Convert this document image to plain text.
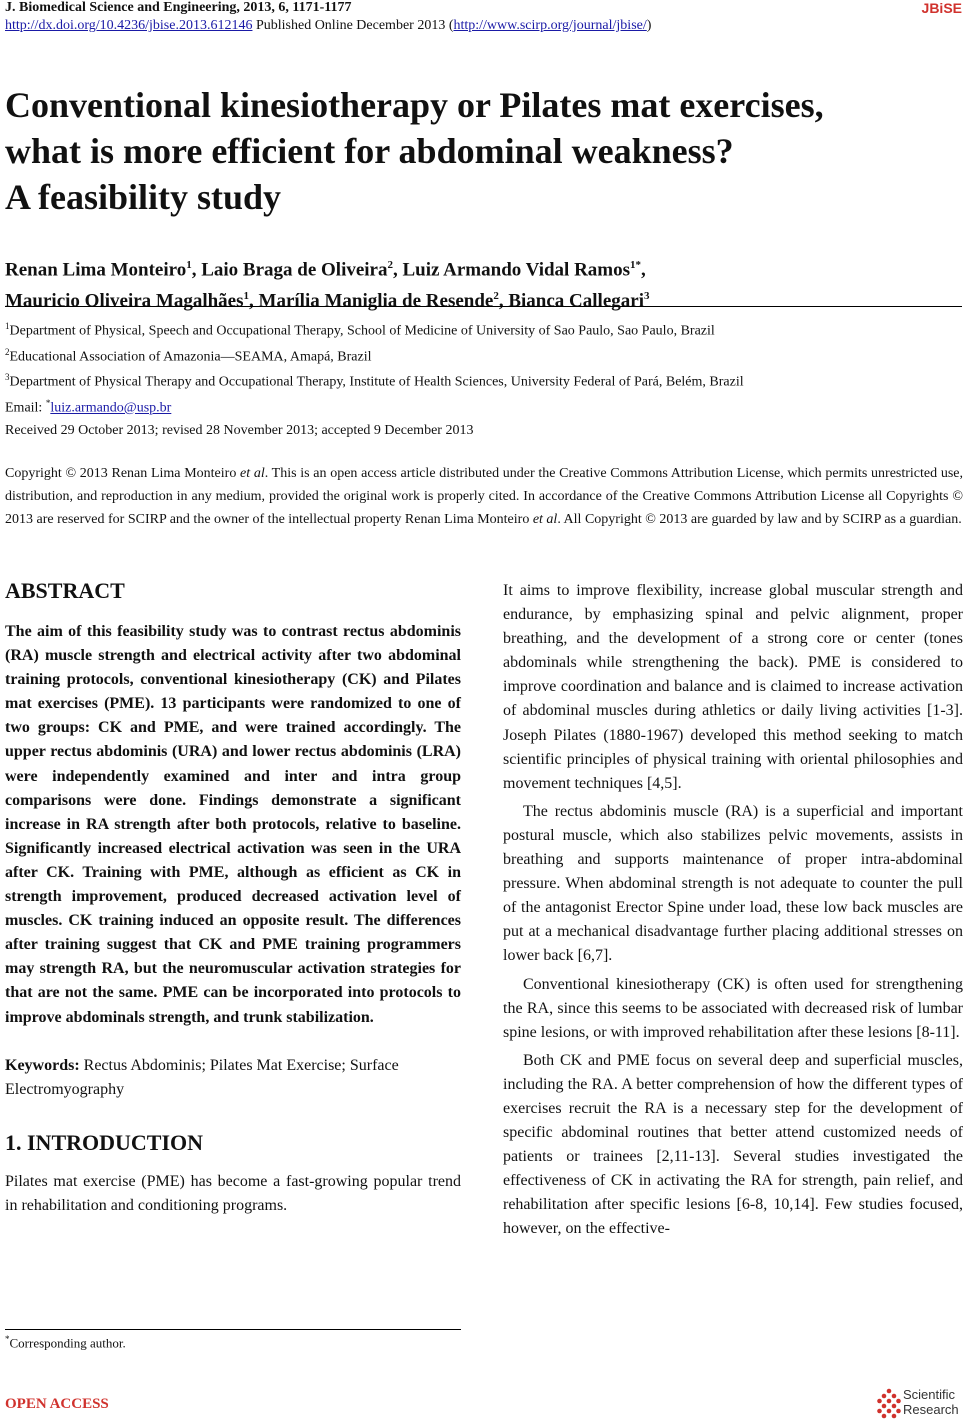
J. Biomedical Science and Engineering, 2013, 6, 1171-1177	JBiSE
http://dx.doi.org/10.4236/jbise.2013.612146 Published Online December 2013 (http://www.scirp.org/journal/jbise/)
Conventional kinesiotherapy or Pilates mat exercises,
what is more efficient for abdominal weakness?
A feasibility study

Renan Lima Monteiro$^1$, Laio Braga de Oliveira$^2$, Luiz Armando Vidal Ramos$^{1*}$,
Mauricio Oliveira Magalhães$^1$, Marília Maniglia de Resende$^2$, Bianca Callegari$^3$

$^1$Department of Physical, Speech and Occupational Therapy, School of Medicine of University of Sao Paulo, Sao Paulo, Brazil
$^2$Educational Association of Amazonia—SEAMA, Amapá, Brazil
$^3$Department of Physical Therapy and Occupational Therapy, Institute of Health Sciences, University Federal of Pará, Belém, Brazil
Email: *luiz.armando@usp.br

Received 29 October 2013; revised 28 November 2013; accepted 9 December 2013

Copyright © 2013 Renan Lima Monteiro et al. This is an open access article distributed under the Creative Commons Attribution License, which permits unrestricted use, distribution, and reproduction in any medium, provided the original work is properly cited. In accordance of the Creative Commons Attribution License all Copyrights © 2013 are reserved for SCIRP and the owner of the intellectual property Renan Lima Monteiro et al. All Copyright © 2013 are guarded by law and by SCIRP as a guardian.

ABSTRACT

The aim of this feasibility study was to contrast rectus abdominis (RA) muscle strength and electrical activity after two abdominal training protocols, conventional kinesiotherapy (CK) and Pilates mat exercises (PME). 13 participants were randomized to one of two groups: CK and PME, and were trained accordingly. The upper rectus abdominis (URA) and lower rectus abdominis (LRA) were independently examined and inter and intra group comparisons were done. Findings demonstrate a significant increase in RA strength after both protocols, relative to baseline. Significantly increased electrical activation was seen in the URA after CK. Training with PME, although as efficient as CK in strength improvement, produced decreased activation level of muscles. CK training induced an opposite result. The differences after training suggest that CK and PME training programmers may strength RA, but the neuromuscular activation strategies for that are not the same. PME can be incorporated into protocols to improve abdominals strength, and trunk stabilization.

Keywords: Rectus Abdominis; Pilates Mat Exercise; Surface Electromyography

1. INTRODUCTION

Pilates mat exercise (PME) has become a fast-growing popular trend in rehabilitation and conditioning programs.

It aims to improve flexibility, increase global muscular strength and endurance, by emphasizing spinal and pelvic alignment, proper breathing, and the development of a strong core or center (tones abdominals while strengthening the back). PME is considered to improve coordination and balance and is claimed to increase activation of abdominal muscles during athletics or daily living activities [1-3]. Joseph Pilates (1880-1967) developed this method seeking to match scientific principles of physical training with oriental philosophies and movement techniques [4,5].

The rectus abdominis muscle (RA) is a superficial and important postural muscle, which also stabilizes pelvic movements, assists in breathing and supports maintenance of proper intra-abdominal pressure. When abdominal strength is not adequate to counter the pull of the antagonist Erector Spine under load, these low back muscles are put at a mechanical disadvantage further placing additional stresses on lower back [6,7].

Conventional kinesiotherapy (CK) is often used for strengthening the RA, since this seems to be associated with decreased risk of lumbar spine lesions, or with improved rehabilitation after these lesions [8-11].

Both CK and PME focus on several deep and superficial muscles, including the RA. A better comprehension of how the different types of exercises recruit the RA is a necessary step for the development of specific abdominal routines that better attend customized needs of patients or trainees [2,11-13]. Several studies investigated the effectiveness of CK in activating the RA for strength, pain relief, and rehabilitation after specific lesions [6-8, 10,14]. Few studies focused, however, on the effective-

*Corresponding author.

OPEN ACCESS
Scientific
Research
